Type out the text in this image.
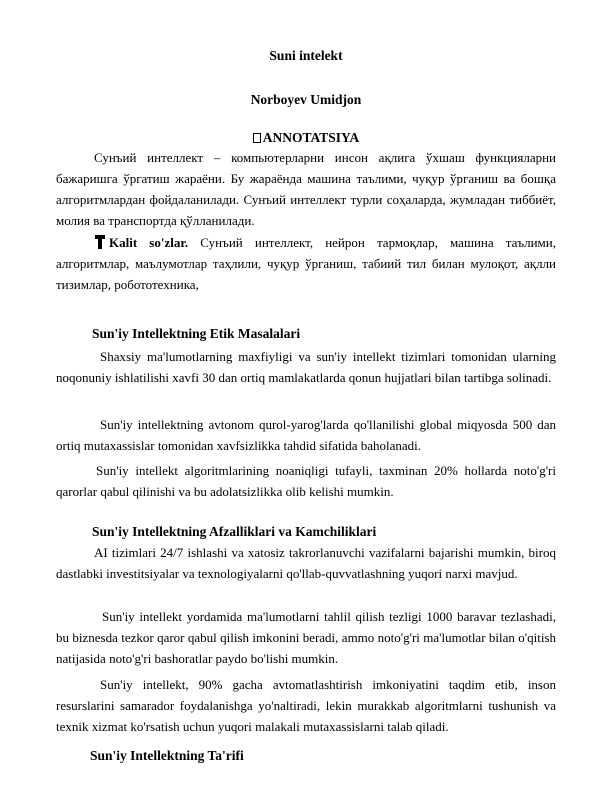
Suni intelekt
Norboyev Umidjon
ANNOTATSIYA

Сунъий интеллект – компьютерларни инсон ақлига ўхшаш функцияларни бажаришга ўргатиш жараёни. Бу жараёнда машина таълими, чуқур ўрганиш ва бошқа алгоритмлардан фойдаланилади. Сунъий интеллект турли соҳаларда, жумладан тиббиёт, молия ва транспортда қўлланилади.

Kalit so'zlar. Сунъий интеллект, нейрон тармоқлар, машина таълими, алгоритмлар, маълумотлар таҳлили, чуқур ўрганиш, табиий тил билан мулоқот, ақлли тизимлар, робототехника,

Sun'iy Intellektning Etik Masalalari

Shaxsiy ma'lumotlarning maxfiyligi va sun'iy intellekt tizimlari tomonidan ularning noqonuniy ishlatilishi xavfi 30 dan ortiq mamlakatlarda qonun hujjatlari bilan tartibga solinadi.

Sun'iy intellektning avtonom qurol-yarog'larda qo'llanilishi global miqyosda 500 dan ortiq mutaxassislar tomonidan xavfsizlikka tahdid sifatida baholanadi.

Sun'iy intellekt algoritmlarining noaniqligi tufayli, taxminan 20% hollarda noto'g'ri qarorlar qabul qilinishi va bu adolatsizlikka olib kelishi mumkin.

Sun'iy Intellektning Afzalliklari va Kamchiliklari

AI tizimlari 24/7 ishlashi va xatosiz takrorlanuvchi vazifalarni bajarishi mumkin, biroq dastlabki investitsiyalar va texnologiyalarni qo'llab-quvvatlashning yuqori narxi mavjud.

Sun'iy intellekt yordamida ma'lumotlarni tahlil qilish tezligi 1000 baravar tezlashadi, bu biznesda tezkor qaror qabul qilish imkonini beradi, ammo noto'g'ri ma'lumotlar bilan o'qitish natijasida noto'g'ri bashoratlar paydo bo'lishi mumkin.

Sun'iy intellekt, 90% gacha avtomatlashtirish imkoniyatini taqdim etib, inson resurslarini samarador foydalanishga yo'naltiradi, lekin murakkab algoritmlarni tushunish va texnik xizmat ko'rsatish uchun yuqori malakali mutaxassislarni talab qiladi.

Sun'iy Intellektning Ta'rifi
